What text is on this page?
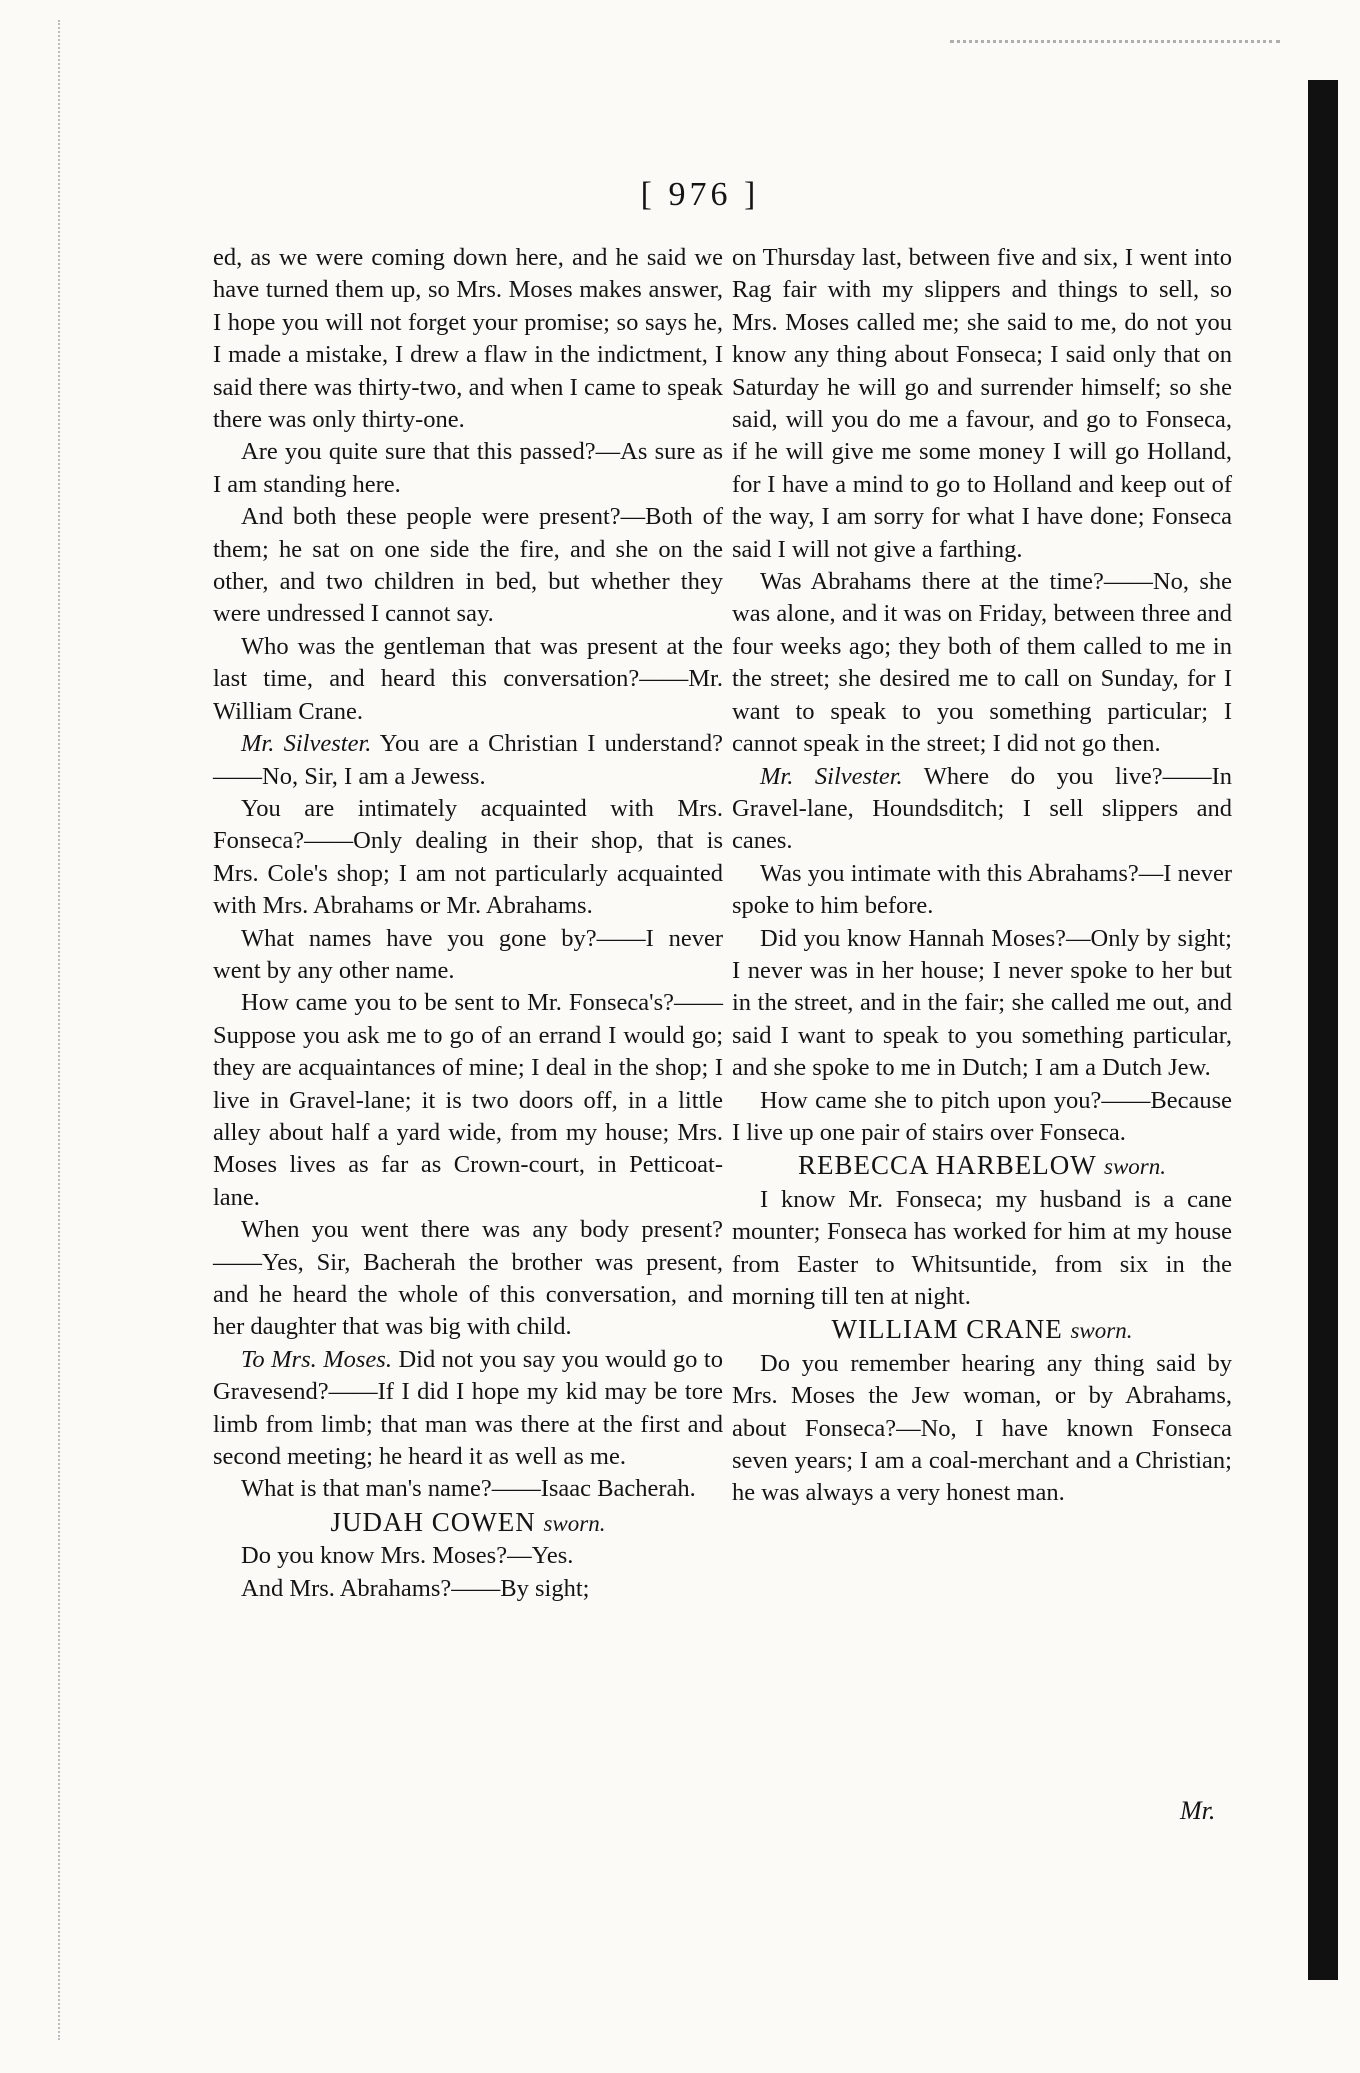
[ 976 ]

ed, as we were coming down here, and he said we have turned them up, so Mrs. Moses makes answer, I hope you will not forget your promise; so says he, I made a mistake, I drew a flaw in the indictment, I said there was thirty-two, and when I came to speak there was only thirty-one.

Are you quite sure that this passed?—As sure as I am standing here.

And both these people were present?—Both of them; he sat on one side the fire, and she on the other, and two children in bed, but whether they were undressed I cannot say.

Who was the gentleman that was present at the last time, and heard this conversation?——Mr. William Crane.

Mr. Silvester. You are a Christian I understand?——No, Sir, I am a Jewess.

You are intimately acquainted with Mrs. Fonseca?——Only dealing in their shop, that is Mrs. Cole's shop; I am not particularly acquainted with Mrs. Abrahams or Mr. Abrahams.

What names have you gone by?——I never went by any other name.

How came you to be sent to Mr. Fonseca's?——Suppose you ask me to go of an errand I would go; they are acquaintances of mine; I deal in the shop; I live in Gravel-lane; it is two doors off, in a little alley about half a yard wide, from my house; Mrs. Moses lives as far as Crown-court, in Petticoat-lane.

When you went there was any body present?——Yes, Sir, Bacherah the brother was present, and he heard the whole of this conversation, and her daughter that was big with child.

To Mrs. Moses. Did not you say you would go to Gravesend?——If I did I hope my kid may be tore limb from limb; that man was there at the first and second meeting; he heard it as well as me.

What is that man's name?——Isaac Bacherah.

JUDAH COWEN sworn.

Do you know Mrs. Moses?—Yes.

And Mrs. Abrahams?——By sight;

on Thursday last, between five and six, I went into Rag fair with my slippers and things to sell, so Mrs. Moses called me; she said to me, do not you know any thing about Fonseca; I said only that on Saturday he will go and surrender himself; so she said, will you do me a favour, and go to Fonseca, if he will give me some money I will go Holland, for I have a mind to go to Holland and keep out of the way, I am sorry for what I have done; Fonseca said I will not give a farthing.

Was Abrahams there at the time?——No, she was alone, and it was on Friday, between three and four weeks ago; they both of them called to me in the street; she desired me to call on Sunday, for I want to speak to you something particular; I cannot speak in the street; I did not go then.

Mr. Silvester. Where do you live?——In Gravel-lane, Houndsditch; I sell slippers and canes.

Was you intimate with this Abrahams?—I never spoke to him before.

Did you know Hannah Moses?—Only by sight; I never was in her house; I never spoke to her but in the street, and in the fair; she called me out, and said I want to speak to you something particular, and she spoke to me in Dutch; I am a Dutch Jew.

How came she to pitch upon you?——Because I live up one pair of stairs over Fonseca.

REBECCA HARBELOW sworn.

I know Mr. Fonseca; my husband is a cane mounter; Fonseca has worked for him at my house from Easter to Whitsuntide, from six in the morning till ten at night.

WILLIAM CRANE sworn.

Do you remember hearing any thing said by Mrs. Moses the Jew woman, or by Abrahams, about Fonseca?—No, I have known Fonseca seven years; I am a coal-merchant and a Christian; he was always a very honest man.

Mr.
